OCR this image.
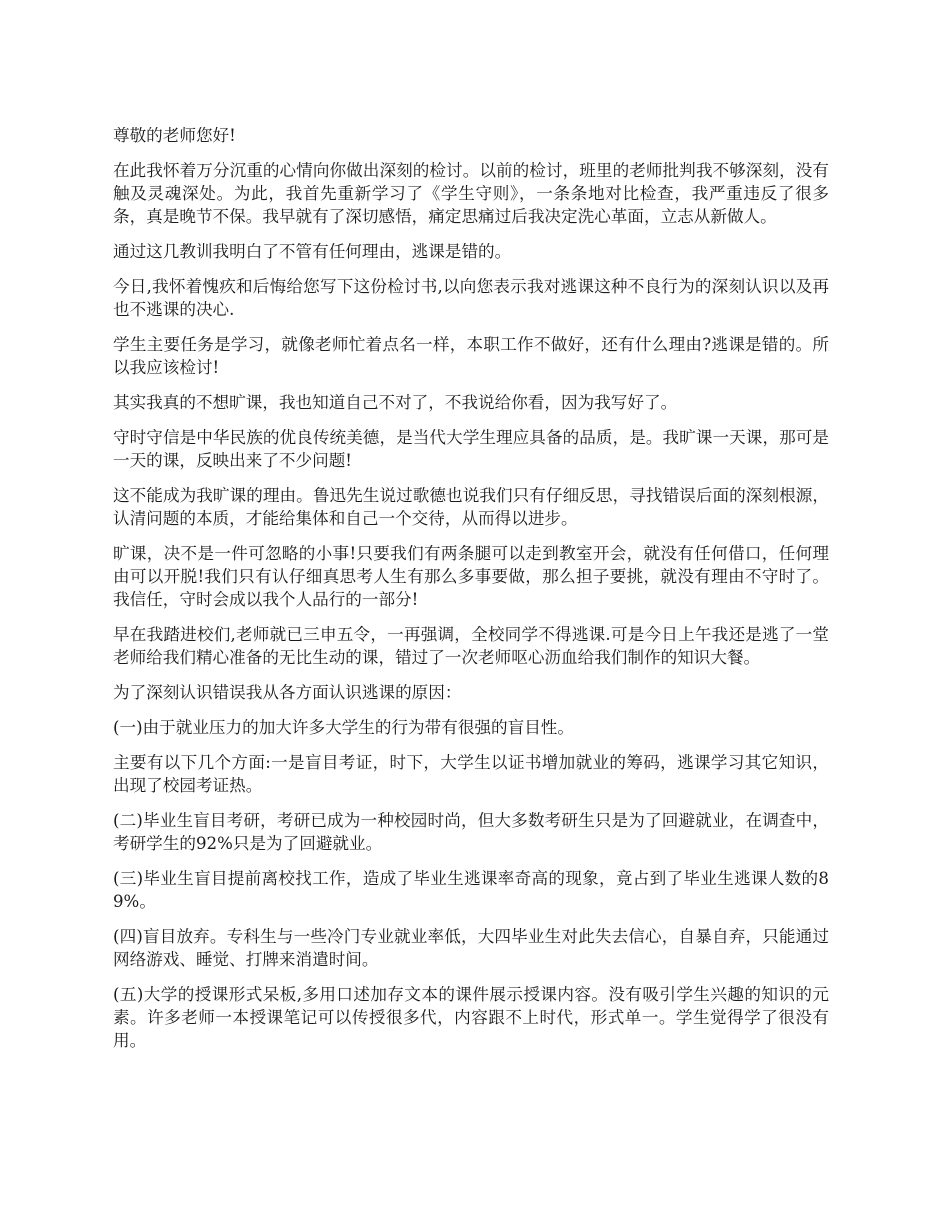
尊敬的老师您好!

在此我怀着万分沉重的心情向你做出深刻的检讨。以前的检讨，班里的老师批判我不够深刻，没有触及灵魂深处。为此，我首先重新学习了《学生守则》，一条条地对比检查，我严重违反了很多条，真是晚节不保。我早就有了深切感悟，痛定思痛过后我决定洗心革面，立志从新做人。

通过这几教训我明白了不管有任何理由，逃课是错的。

今日,我怀着愧疚和后悔给您写下这份检讨书,以向您表示我对逃课这种不良行为的深刻认识以及再也不逃课的决心.

学生主要任务是学习，就像老师忙着点名一样，本职工作不做好，还有什么理由?逃课是错的。所以我应该检讨!

其实我真的不想旷课，我也知道自己不对了，不我说给你看，因为我写好了。

守时守信是中华民族的优良传统美德，是当代大学生理应具备的品质，是。我旷课一天课，那可是一天的课，反映出来了不少问题!

这不能成为我旷课的理由。鲁迅先生说过歌德也说我们只有仔细反思，寻找错误后面的深刻根源，认清问题的本质，才能给集体和自己一个交待，从而得以进步。

旷课，决不是一件可忽略的小事!只要我们有两条腿可以走到教室开会，就没有任何借口，任何理由可以开脱!我们只有认仔细真思考人生有那么多事要做，那么担子要挑，就没有理由不守时了。我信任，守时会成以我个人品行的一部分!

早在我踏进校们,老师就已三申五令，一再强调，全校同学不得逃课.可是今日上午我还是逃了一堂老师给我们精心准备的无比生动的课，错过了一次老师呕心沥血给我们制作的知识大餐。

为了深刻认识错误我从各方面认识逃课的原因：

(一)由于就业压力的加大许多大学生的行为带有很强的盲目性。

主要有以下几个方面:一是盲目考证，时下，大学生以证书增加就业的筹码，逃课学习其它知识，出现了校园考证热。

(二)毕业生盲目考研，考研已成为一种校园时尚，但大多数考研生只是为了回避就业，在调查中，考研学生的92%只是为了回避就业。

(三)毕业生盲目提前离校找工作，造成了毕业生逃课率奇高的现象，竟占到了毕业生逃课人数的89%。

(四)盲目放弃。专科生与一些冷门专业就业率低，大四毕业生对此失去信心，自暴自弃，只能通过网络游戏、睡觉、打牌来消遣时间。

(五)大学的授课形式呆板,多用口述加存文本的课件展示授课内容。没有吸引学生兴趣的知识的元素。许多老师一本授课笔记可以传授很多代，内容跟不上时代，形式单一。学生觉得学了很没有用。
